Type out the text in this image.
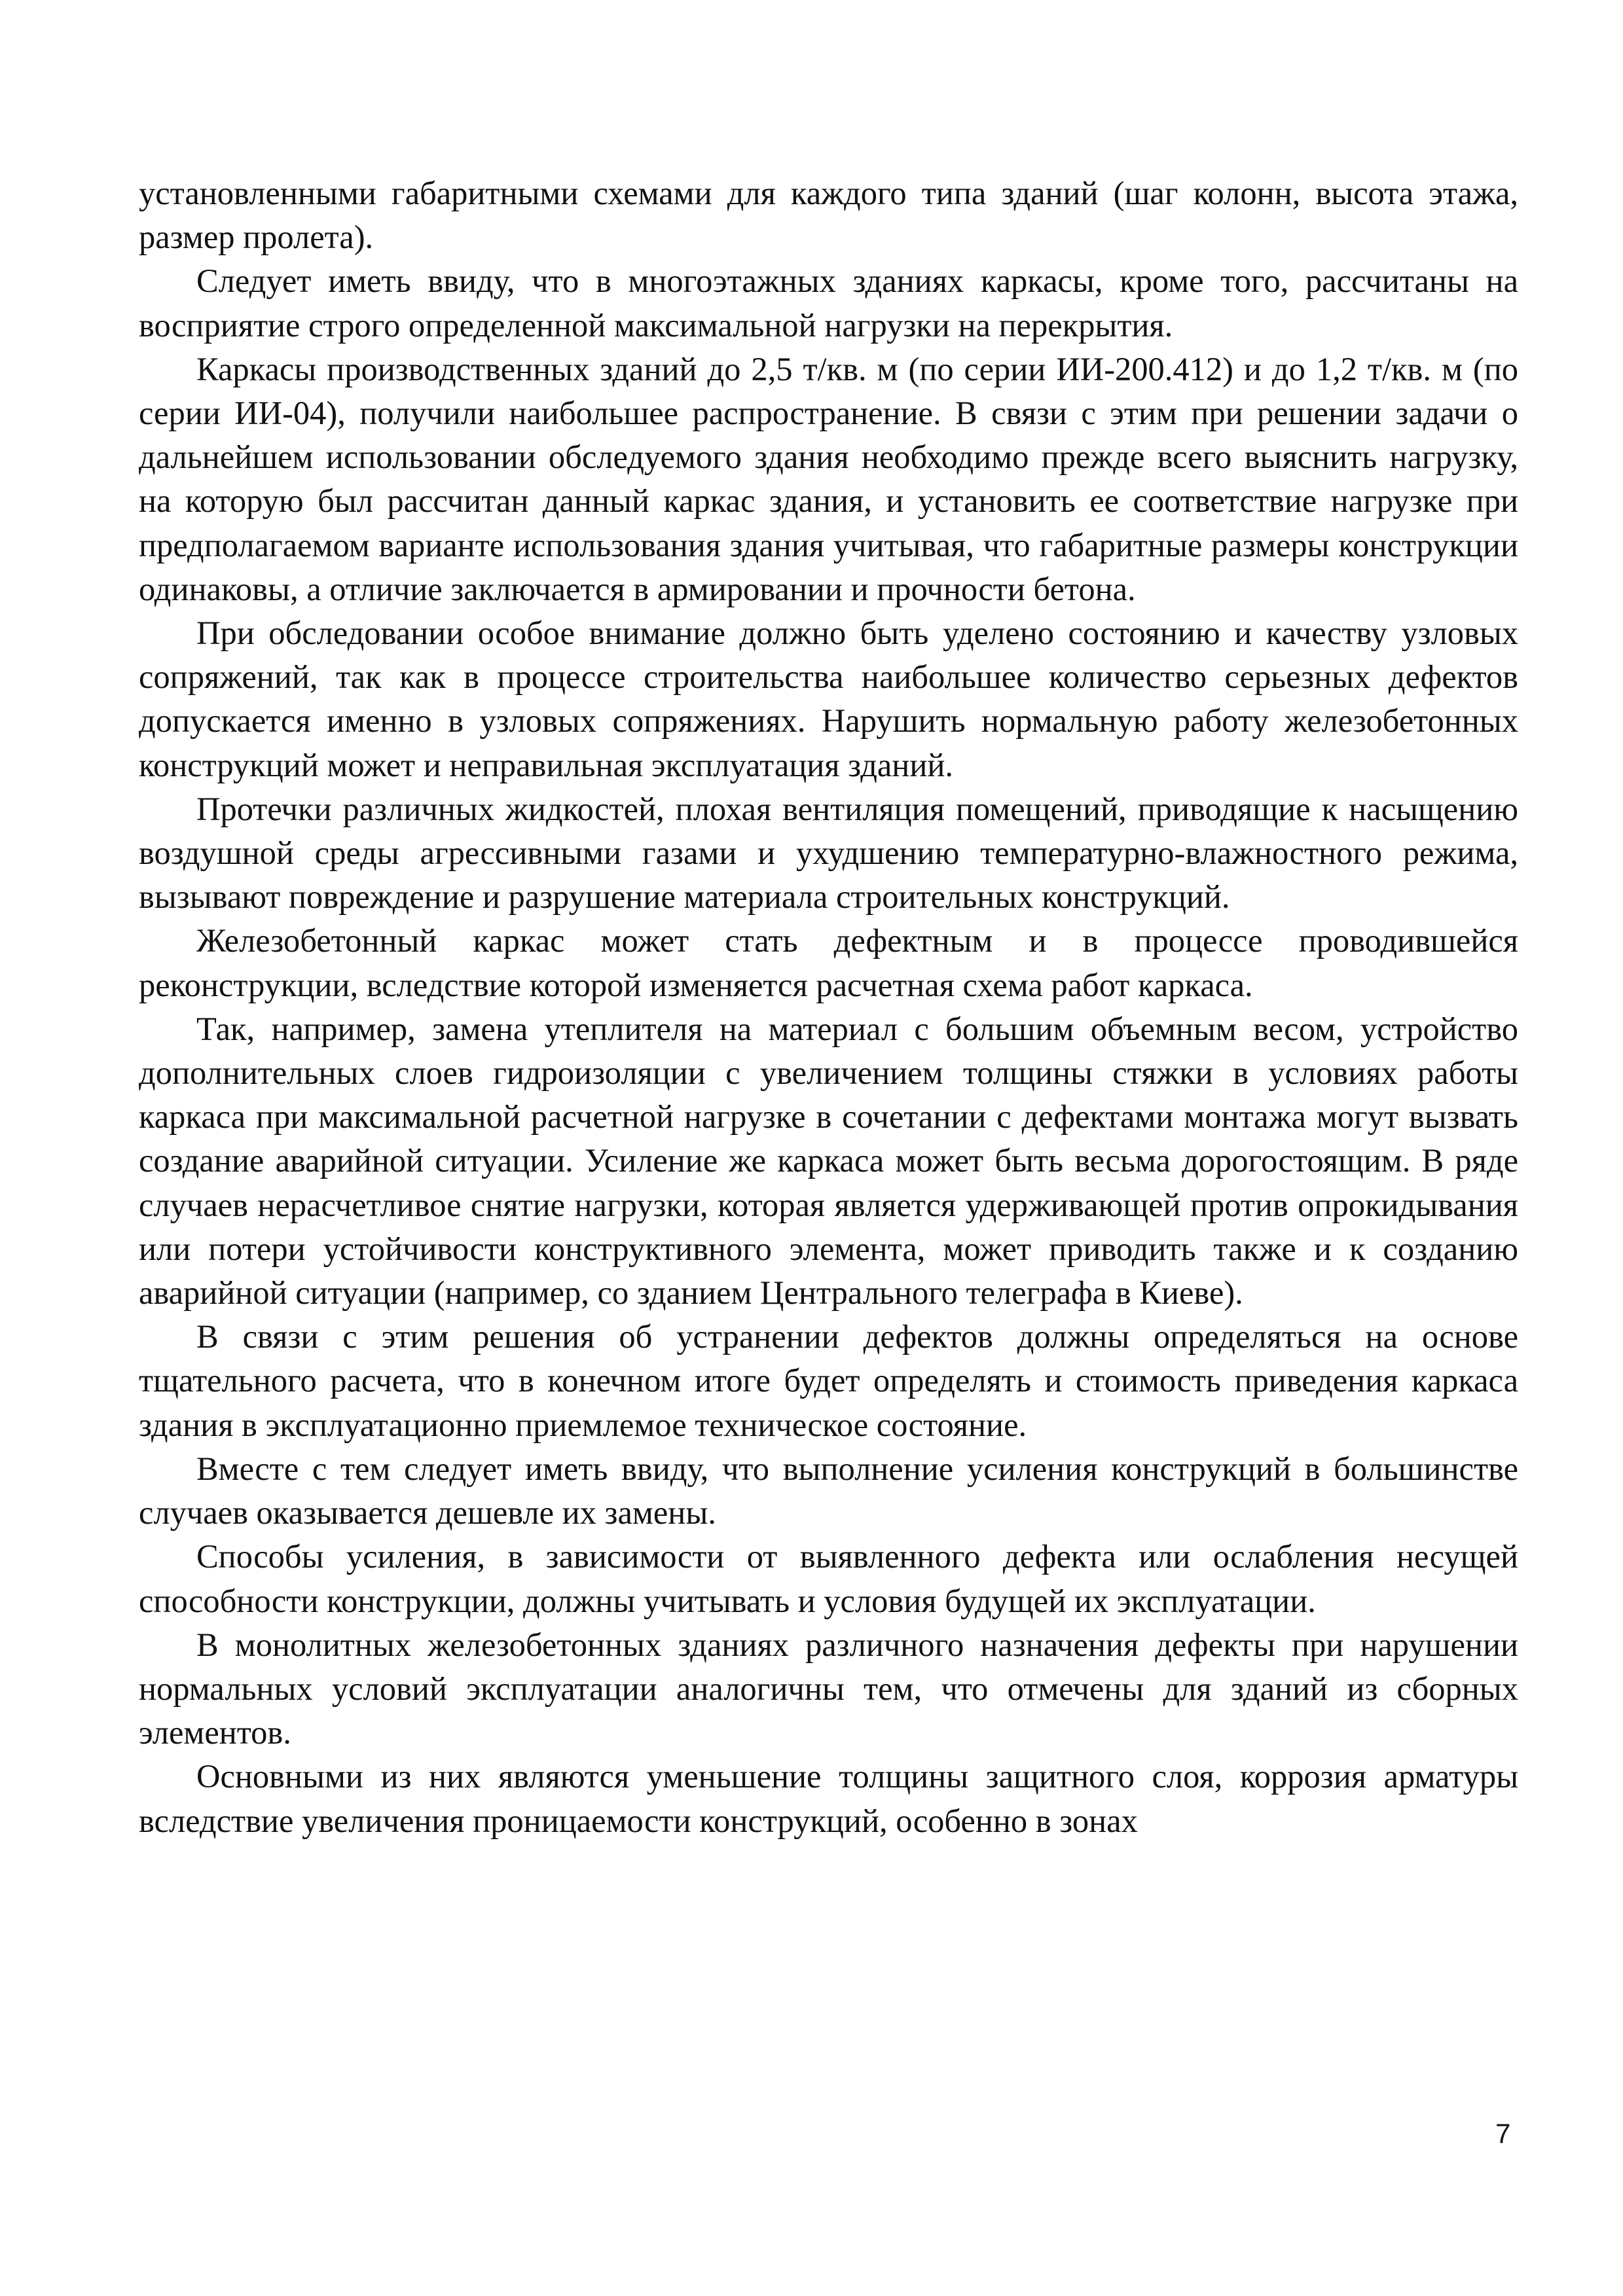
установленными габаритными схемами для каждого типа зданий (шаг колонн, высота этажа, размер пролета).

Следует иметь ввиду, что в многоэтажных зданиях каркасы, кроме того, рассчитаны на восприятие строго определенной максимальной нагрузки на перекрытия.

Каркасы производственных зданий до 2,5 т/кв. м (по серии ИИ-200.412) и до 1,2 т/кв. м (по серии ИИ-04), получили наибольшее распространение. В связи с этим при решении задачи о дальнейшем использовании обследуемого здания необходимо прежде всего выяснить нагрузку, на которую был рассчитан данный каркас здания, и установить ее соответствие нагрузке при предполагаемом варианте использования здания учитывая, что габаритные размеры конструкции одинаковы, а отличие заключается в армировании и прочности бетона.

При обследовании особое внимание должно быть уделено состоянию и качеству узловых сопряжений, так как в процессе строительства наибольшее количество серьезных дефектов допускается именно в узловых сопряжениях. Нарушить нормальную работу железобетонных конструкций может и неправильная эксплуатация зданий.

Протечки различных жидкостей, плохая вентиляция помещений, приводящие к насыщению воздушной среды агрессивными газами и ухудшению температурно-влажностного режима, вызывают повреждение и разрушение материала строительных конструкций.

Железобетонный каркас может стать дефектным и в процессе проводившейся реконструкции, вследствие которой изменяется расчетная схема работ каркаса.

Так, например, замена утеплителя на материал с большим объемным весом, устройство дополнительных слоев гидроизоляции с увеличением толщины стяжки в условиях работы каркаса при максимальной расчетной нагрузке в сочетании с дефектами монтажа могут вызвать создание аварийной ситуации. Усиление же каркаса может быть весьма дорогостоящим. В ряде случаев нерасчетливое снятие нагрузки, которая является удерживающей против опрокидывания или потери устойчивости конструктивного элемента, может приводить также и к созданию аварийной ситуации (например, со зданием Центрального телеграфа в Киеве).

В связи с этим решения об устранении дефектов должны определяться на основе тщательного расчета, что в конечном итоге будет определять и стоимость приведения каркаса здания в эксплуатационно приемлемое техническое состояние.

Вместе с тем следует иметь ввиду, что выполнение усиления конструкций в большинстве случаев оказывается дешевле их замены.

Способы усиления, в зависимости от выявленного дефекта или ослабления несущей способности конструкции, должны учитывать и условия будущей их эксплуатации.

В монолитных железобетонных зданиях различного назначения дефекты при нарушении нормальных условий эксплуатации аналогичны тем, что отмечены для зданий из сборных элементов.

Основными из них являются уменьшение толщины защитного слоя, коррозия арматуры вследствие увеличения проницаемости конструкций, особенно в зонах

7
